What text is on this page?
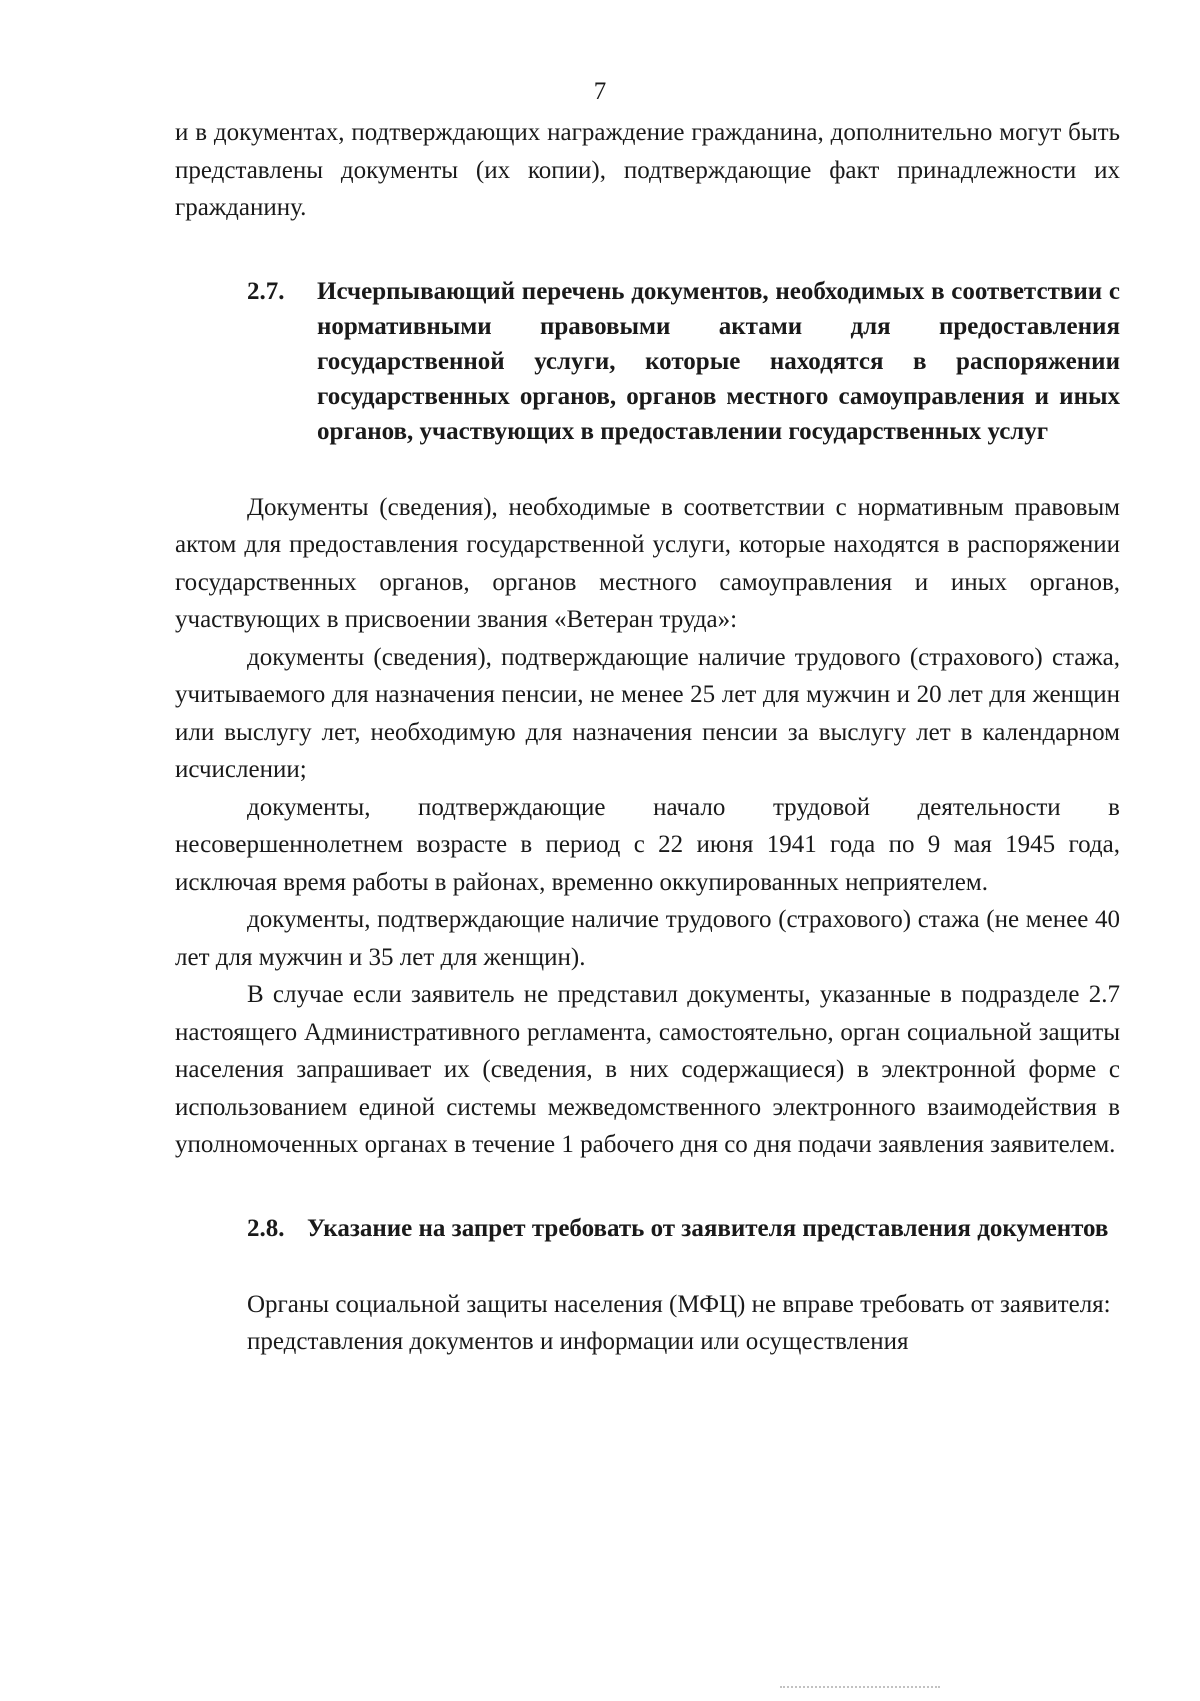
7

и в документах, подтверждающих награждение гражданина, дополнительно могут быть представлены документы (их копии), подтверждающие факт принадлежности их гражданину.

2.7.	Исчерпывающий перечень документов, необходимых в соответствии с нормативными правовыми актами для предоставления государственной услуги, которые находятся в распоряжении государственных органов, органов местного самоуправления и иных органов, участвующих в предоставлении государственных услуг

Документы (сведения), необходимые в соответствии с нормативным правовым актом для предоставления государственной услуги, которые находятся в распоряжении государственных органов, органов местного самоуправления и иных органов, участвующих в присвоении звания «Ветеран труда»:

документы (сведения), подтверждающие наличие трудового (страхового) стажа, учитываемого для назначения пенсии, не менее 25 лет для мужчин и 20 лет для женщин или выслугу лет, необходимую для назначения пенсии за выслугу лет в календарном исчислении;

документы, подтверждающие начало трудовой деятельности в несовершеннолетнем возрасте в период с 22 июня 1941 года по 9 мая 1945 года, исключая время работы в районах, временно оккупированных неприятелем.

документы, подтверждающие наличие трудового (страхового) стажа (не менее 40 лет для мужчин и 35 лет для женщин).

В случае если заявитель не представил документы, указанные в подразделе 2.7 настоящего Административного регламента, самостоятельно, орган социальной защиты населения запрашивает их (сведения, в них содержащиеся) в электронной форме с использованием единой системы межведомственного электронного взаимодействия в уполномоченных органах в течение 1 рабочего дня со дня подачи заявления заявителем.

2.8. Указание на запрет требовать от заявителя представления документов

Органы социальной защиты населения (МФЦ) не вправе требовать от заявителя:

представления документов и информации или осуществления
